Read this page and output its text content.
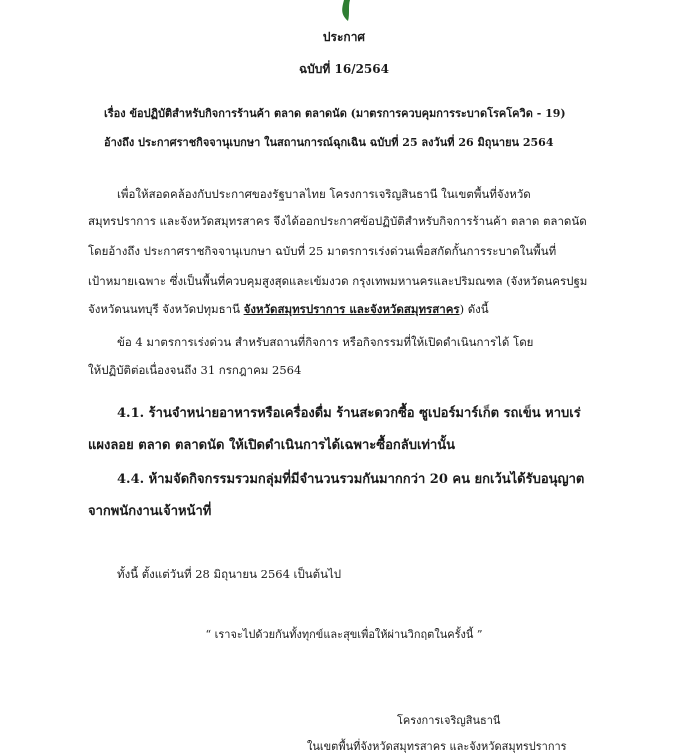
ประกาศ
ฉบับที่ 16/2564
เรื่อง ข้อปฏิบัติสำหรับกิจการร้านค้า ตลาด ตลาดนัด (มาตรการควบคุมการระบาดโรคโควิด - 19)
อ้างถึง ประกาศราชกิจจานุเบกษา ในสถานการณ์ฉุกเฉิน ฉบับที่ 25 ลงวันที่ 26 มิถุนายน 2564
เพื่อให้สอดคล้องกับประกาศของรัฐบาลไทย โครงการเจริญสินธานี ในเขตพื้นที่จังหวัด
สมุทรปราการ และจังหวัดสมุทรสาคร จึงได้ออกประกาศข้อปฏิบัติสำหรับกิจการร้านค้า ตลาด ตลาดนัด
โดยอ้างถึง ประกาศราชกิจจานุเบกษา ฉบับที่ 25 มาตรการเร่งด่วนเพื่อสกัดกั้นการระบาดในพื้นที่
เป้าหมายเฉพาะ ซึ่งเป็นพื้นที่ควบคุมสูงสุดและเข้มงวด กรุงเทพมหานครและปริมณฑล (จังหวัดนครปฐม
จังหวัดนนทบุรี จังหวัดปทุมธานี จังหวัดสมุทรปราการ และจังหวัดสมุทรสาคร) ดังนี้
ข้อ 4 มาตรการเร่งด่วน สำหรับสถานที่กิจการ หรือกิจกรรมที่ให้เปิดดำเนินการได้ โดย
ให้ปฏิบัติต่อเนื่องจนถึง 31 กรกฎาคม 2564
4.1. ร้านจำหน่ายอาหารหรือเครื่องดื่ม ร้านสะดวกซื้อ ซูเปอร์มาร์เก็ต รถเข็น หาบเร่
แผงลอย ตลาด ตลาดนัด ให้เปิดดำเนินการได้เฉพาะซื้อกลับเท่านั้น
4.4. ห้ามจัดกิจกรรมรวมกลุ่มที่มีจำนวนรวมกันมากกว่า 20 คน ยกเว้นได้รับอนุญาต
จากพนักงานเจ้าหน้าที่
ทั้งนี้ ตั้งแต่วันที่ 28 มิถุนายน 2564 เป็นต้นไป
“ เราจะไปด้วยกันทั้งทุกข์และสุขเพื่อให้ผ่านวิกฤตในครั้งนี้ ”
โครงการเจริญสินธานี
ในเขตพื้นที่จังหวัดสมุทรสาคร และจังหวัดสมุทรปราการ
